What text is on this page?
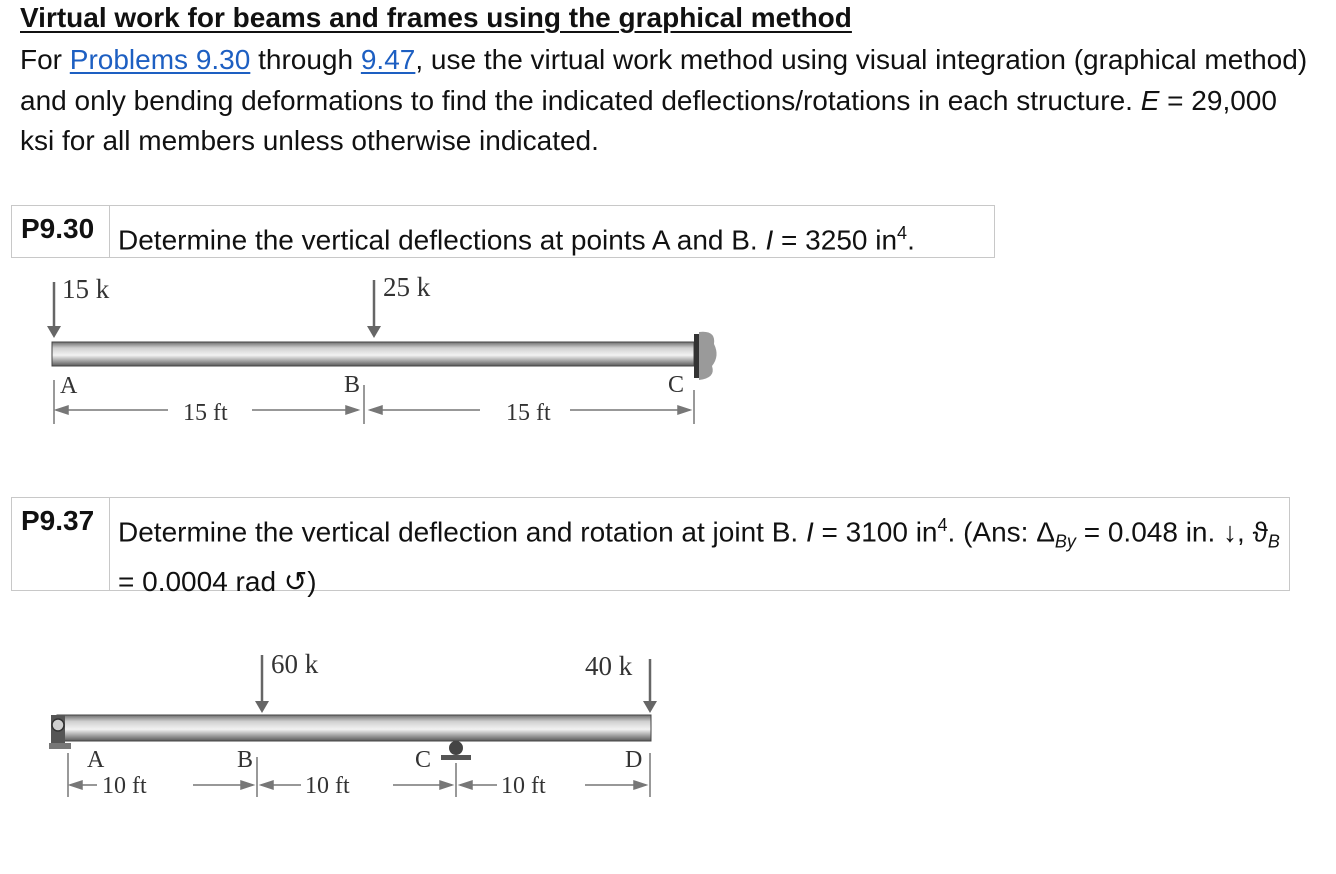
Virtual work for beams and frames using the graphical method
For Problems 9.30 through 9.47, use the virtual work method using visual integration (graphical method) and only bending deformations to find the indicated deflections/rotations in each structure. E = 29,000 ksi for all members unless otherwise indicated.
P9.30 Determine the vertical deflections at points A and B. I = 3250 $in^4$.
15 k	25 k
A	B	C
15 ft	15 ft
P9.37 Determine the vertical deflection and rotation at joint B. I = 3100 $in^4$. (Ans: $\Delta_{By} = 0.048$ in. ↓, $ϑ_B = 0.0004$ rad ↺)
60 k	40 k
A	B	C	D
10 ft	10 ft	10 ft
